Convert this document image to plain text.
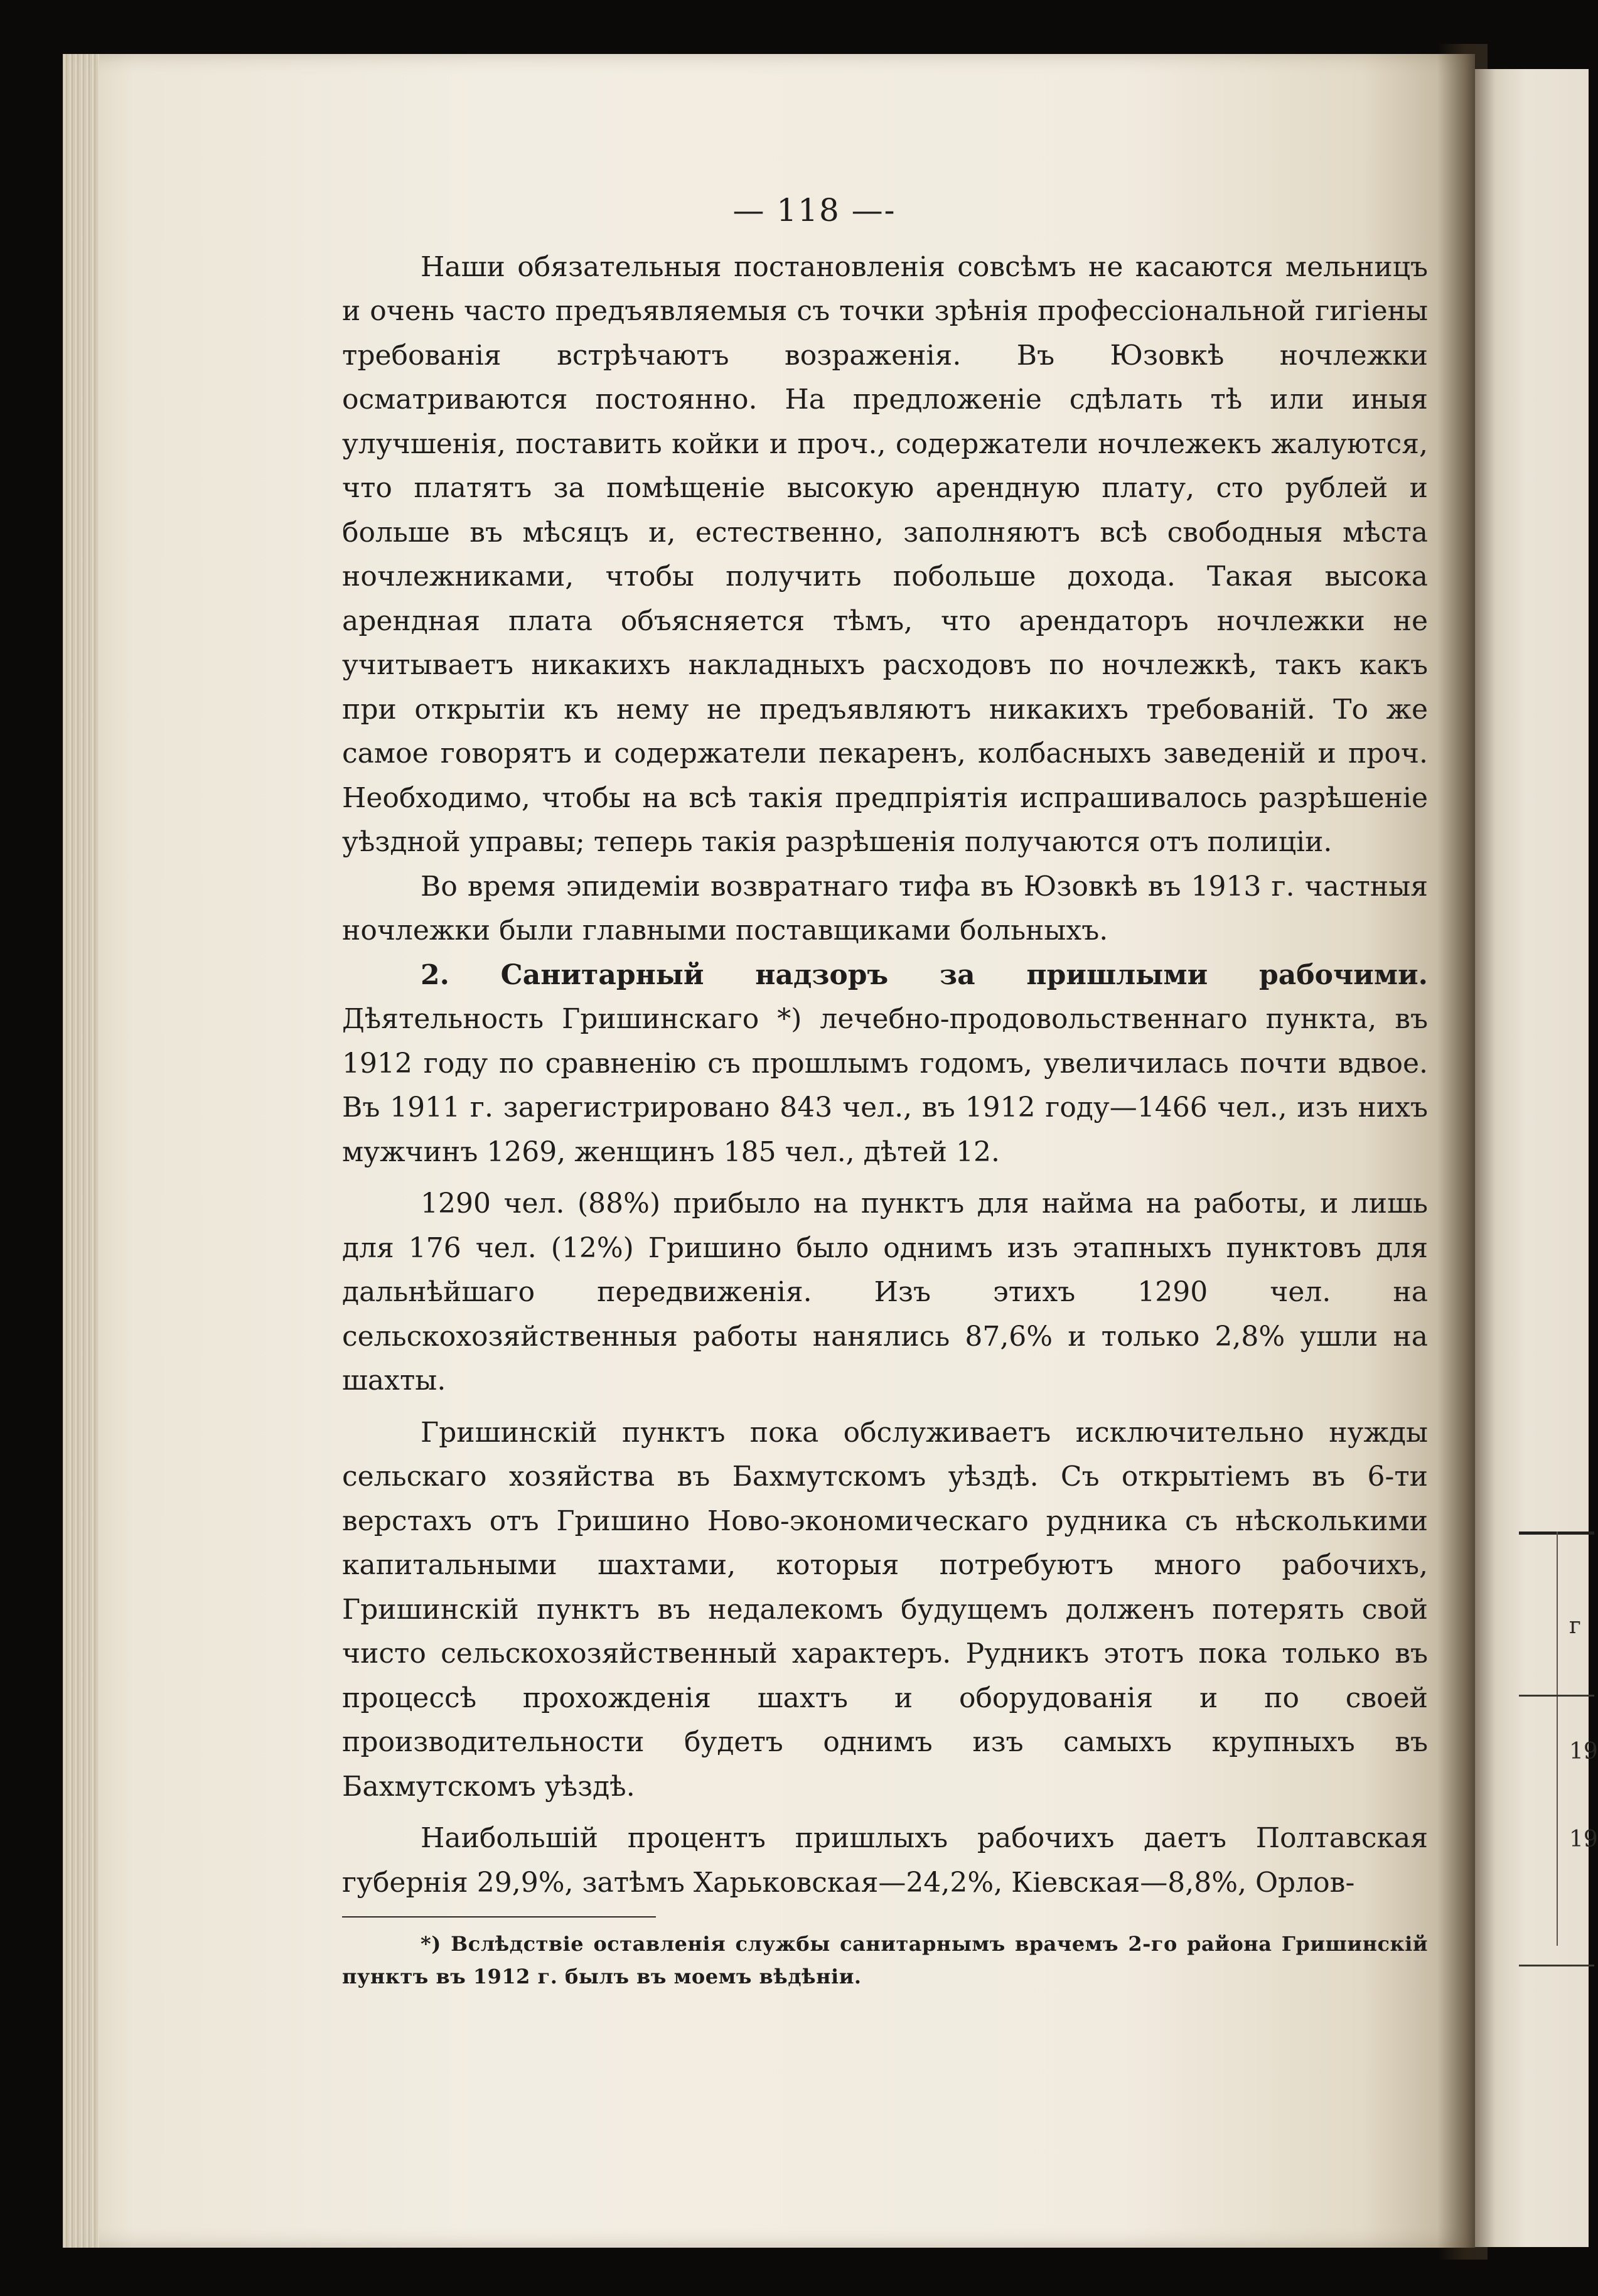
— 118 —-

Наши обязательныя постановленія совсѣмъ не касаются мельницъ и очень часто предъявляемыя съ точки зрѣнія профессіональной гигіены требованія встрѣчаютъ возраженія. Въ Юзовкѣ ночлежки осматриваются постоянно. На предложеніе сдѣлать тѣ или иныя улучшенія, поставить койки и проч., содержатели ночлежекъ жалуются, что платятъ за помѣщеніе высокую арендную плату, сто рублей и больше въ мѣсяцъ и, естественно, заполняютъ всѣ свободныя мѣста ночлежниками, чтобы получить побольше дохода. Такая высока арендная плата объясняется тѣмъ, что арендаторъ ночлежки не учитываетъ никакихъ накладныхъ расходовъ по ночлежкѣ, такъ какъ при открытіи къ нему не предъявляютъ никакихъ требованій. То же самое говорятъ и содержатели пекаренъ, колбасныхъ заведеній и проч. Необходимо, чтобы на всѣ такія предпріятія испрашивалось разрѣшеніе уѣздной управы; теперь такія разрѣшенія получаются отъ полиціи.

Во время эпидеміи возвратнаго тифа въ Юзовкѣ въ 1913 г. частныя ночлежки были главными поставщиками больныхъ.

2. Санитарный надзоръ за пришлыми рабочими. Дѣятельность Гришинскаго *) лечебно-продовольственнаго пункта, въ 1912 году по сравненію съ прошлымъ годомъ, увеличилась почти вдвое. Въ 1911 г. зарегистрировано 843 чел., въ 1912 году—1466 чел., изъ нихъ мужчинъ 1269, женщинъ 185 чел., дѣтей 12.

1290 чел. (88%) прибыло на пунктъ для найма на работы, и лишь для 176 чел. (12%) Гришино было однимъ изъ этапныхъ пунктовъ для дальнѣйшаго передвиженія. Изъ этихъ 1290 чел. на сельскохозяйственныя работы нанялись 87,6% и только 2,8% ушли на шахты.

Гришинскій пунктъ пока обслуживаетъ исключительно нужды сельскаго хозяйства въ Бахмутскомъ уѣздѣ. Съ открытіемъ въ 6-ти верстахъ отъ Гришино Ново-экономическаго рудника съ нѣсколькими капитальными шахтами, которыя потребуютъ много рабочихъ, Гришинскій пунктъ въ недалекомъ будущемъ долженъ потерять свой чисто сельскохозяйственный характеръ. Рудникъ этотъ пока только въ процессѣ прохожденія шахтъ и оборудованія и по своей производительности будетъ однимъ изъ самыхъ крупныхъ въ Бахмутскомъ уѣздѣ.

Наибольшій процентъ пришлыхъ рабочихъ даетъ Полтавская губернія 29,9%, затѣмъ Харьковская—24,2%, Кіевская—8,8%, Орлов-

*) Вслѣдствіе оставленія службы санитарнымъ врачемъ 2-го района Гришинскій пунктъ въ 1912 г. былъ въ моемъ вѣдѣніи.
г
19
19
